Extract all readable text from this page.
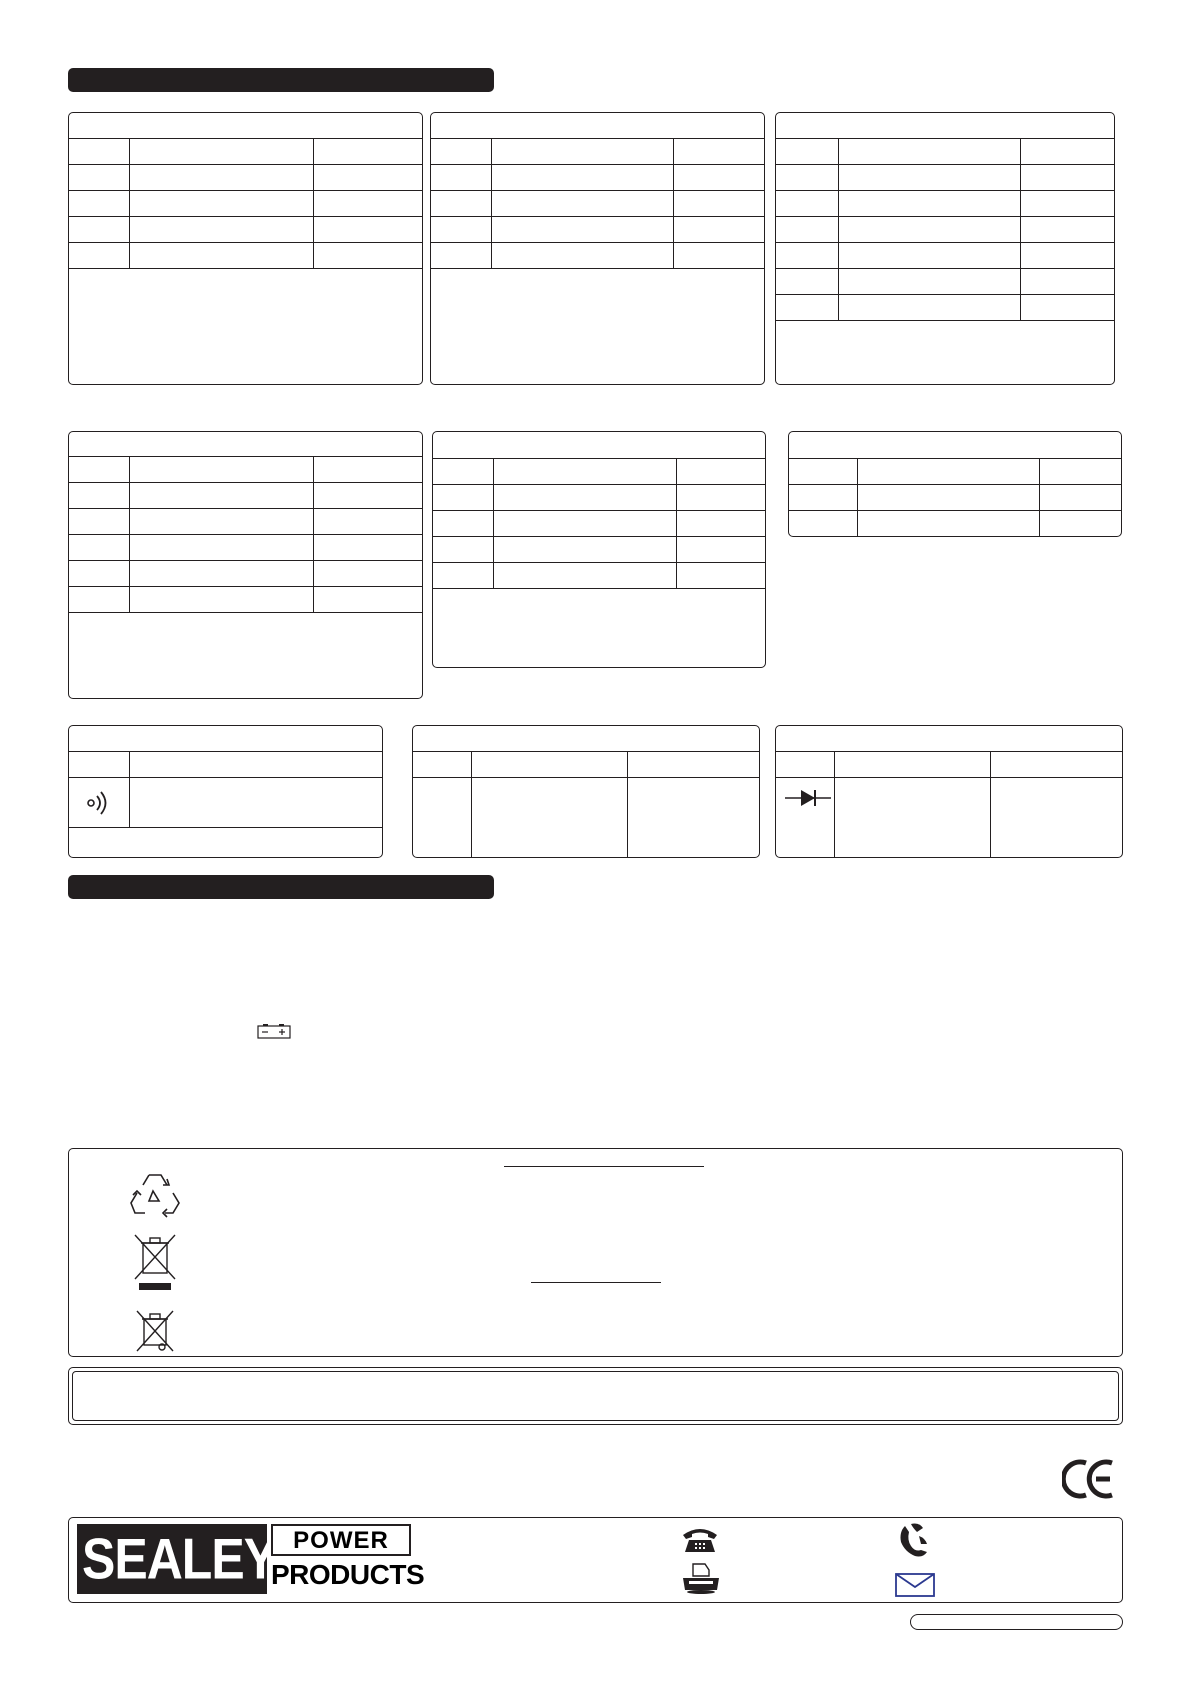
SEALEY POWER
PRODUCTS
